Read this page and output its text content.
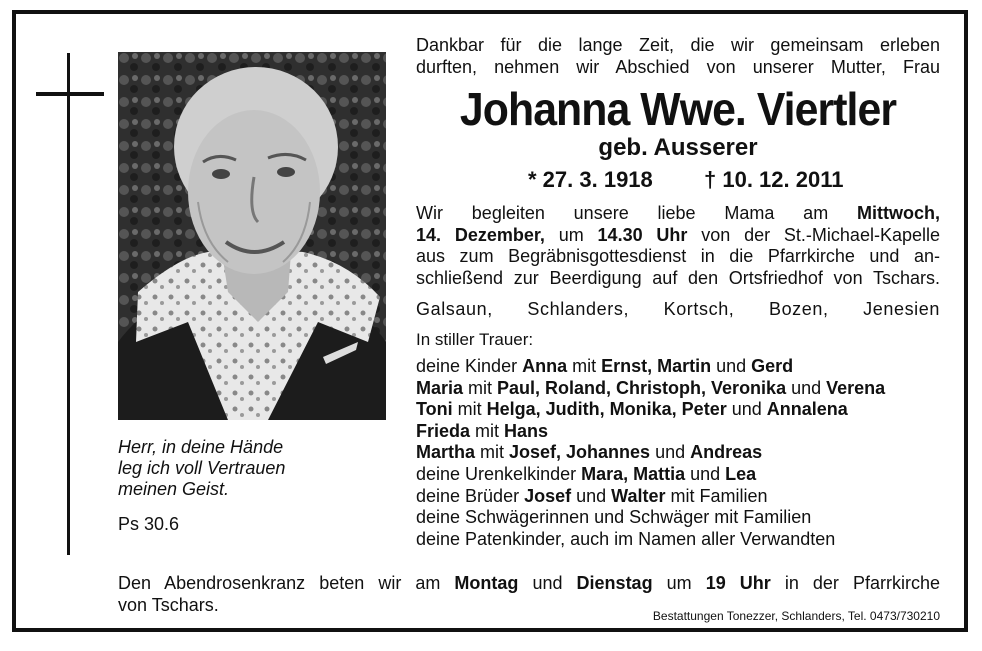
Herr, in deine Hände
leg ich voll Vertrauen
meinen Geist.
Ps 30.6
Dankbar für die lange Zeit, die wir gemeinsam erleben
durften, nehmen wir Abschied von unserer Mutter, Frau
Johanna Wwe. Viertler
geb. Ausserer
* 27. 3. 1918 † 10. 12. 2011
Wir begleiten unsere liebe Mama am Mittwoch,
14. Dezember, um 14.30 Uhr von der St.-Michael-Kapelle
aus zum Begräbnisgottesdienst in die Pfarrkirche und an-
schließend zur Beerdigung auf den Ortsfriedhof von Tschars.
Galsaun, Schlanders, Kortsch, Bozen, Jenesien
In stiller Trauer:
deine Kinder Anna mit Ernst, Martin und Gerd
Maria mit Paul, Roland, Christoph, Veronika und Verena
Toni mit Helga, Judith, Monika, Peter und Annalena
Frieda mit Hans
Martha mit Josef, Johannes und Andreas
deine Urenkelkinder Mara, Mattia und Lea
deine Brüder Josef und Walter mit Familien
deine Schwägerinnen und Schwäger mit Familien
deine Patenkinder, auch im Namen aller Verwandten
Den Abendrosenkranz beten wir am Montag und Dienstag um 19 Uhr in der Pfarrkirche
von Tschars.
Bestattungen Tonezzer, Schlanders, Tel. 0473/730210
